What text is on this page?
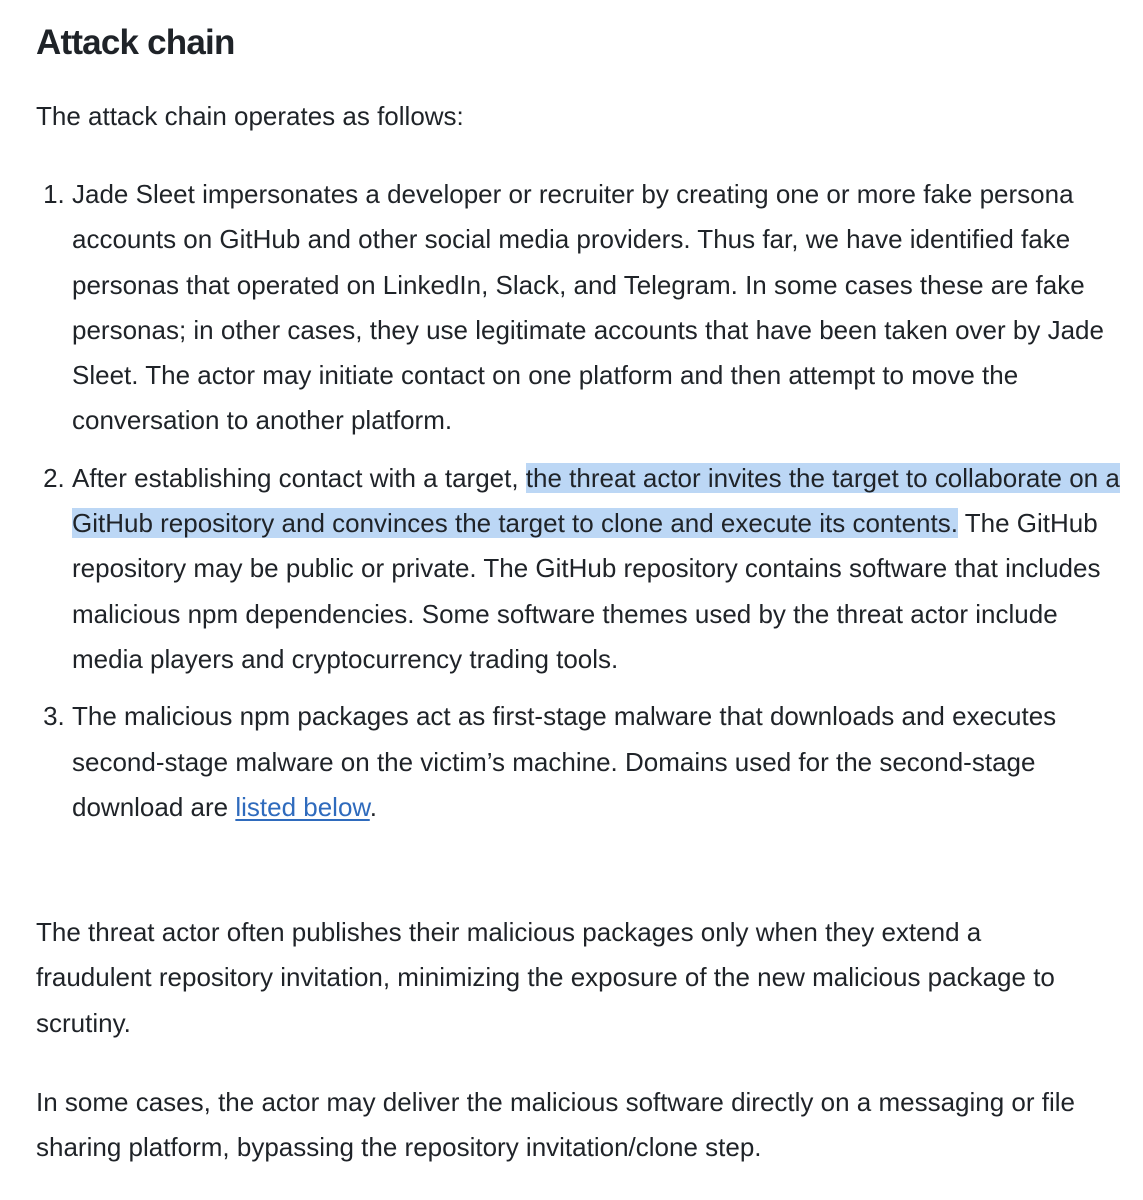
Attack chain

The attack chain operates as follows:

1. Jade Sleet impersonates a developer or recruiter by creating one or more fake persona accounts on GitHub and other social media providers. Thus far, we have identified fake personas that operated on LinkedIn, Slack, and Telegram. In some cases these are fake personas; in other cases, they use legitimate accounts that have been taken over by Jade Sleet. The actor may initiate contact on one platform and then attempt to move the conversation to another platform.
2. After establishing contact with a target, the threat actor invites the target to collaborate on a GitHub repository and convinces the target to clone and execute its contents. The GitHub repository may be public or private. The GitHub repository contains software that includes malicious npm dependencies. Some software themes used by the threat actor include media players and cryptocurrency trading tools.
3. The malicious npm packages act as first-stage malware that downloads and executes second-stage malware on the victim’s machine. Domains used for the second-stage download are listed below.

The threat actor often publishes their malicious packages only when they extend a fraudulent repository invitation, minimizing the exposure of the new malicious package to scrutiny.

In some cases, the actor may deliver the malicious software directly on a messaging or file sharing platform, bypassing the repository invitation/clone step.
